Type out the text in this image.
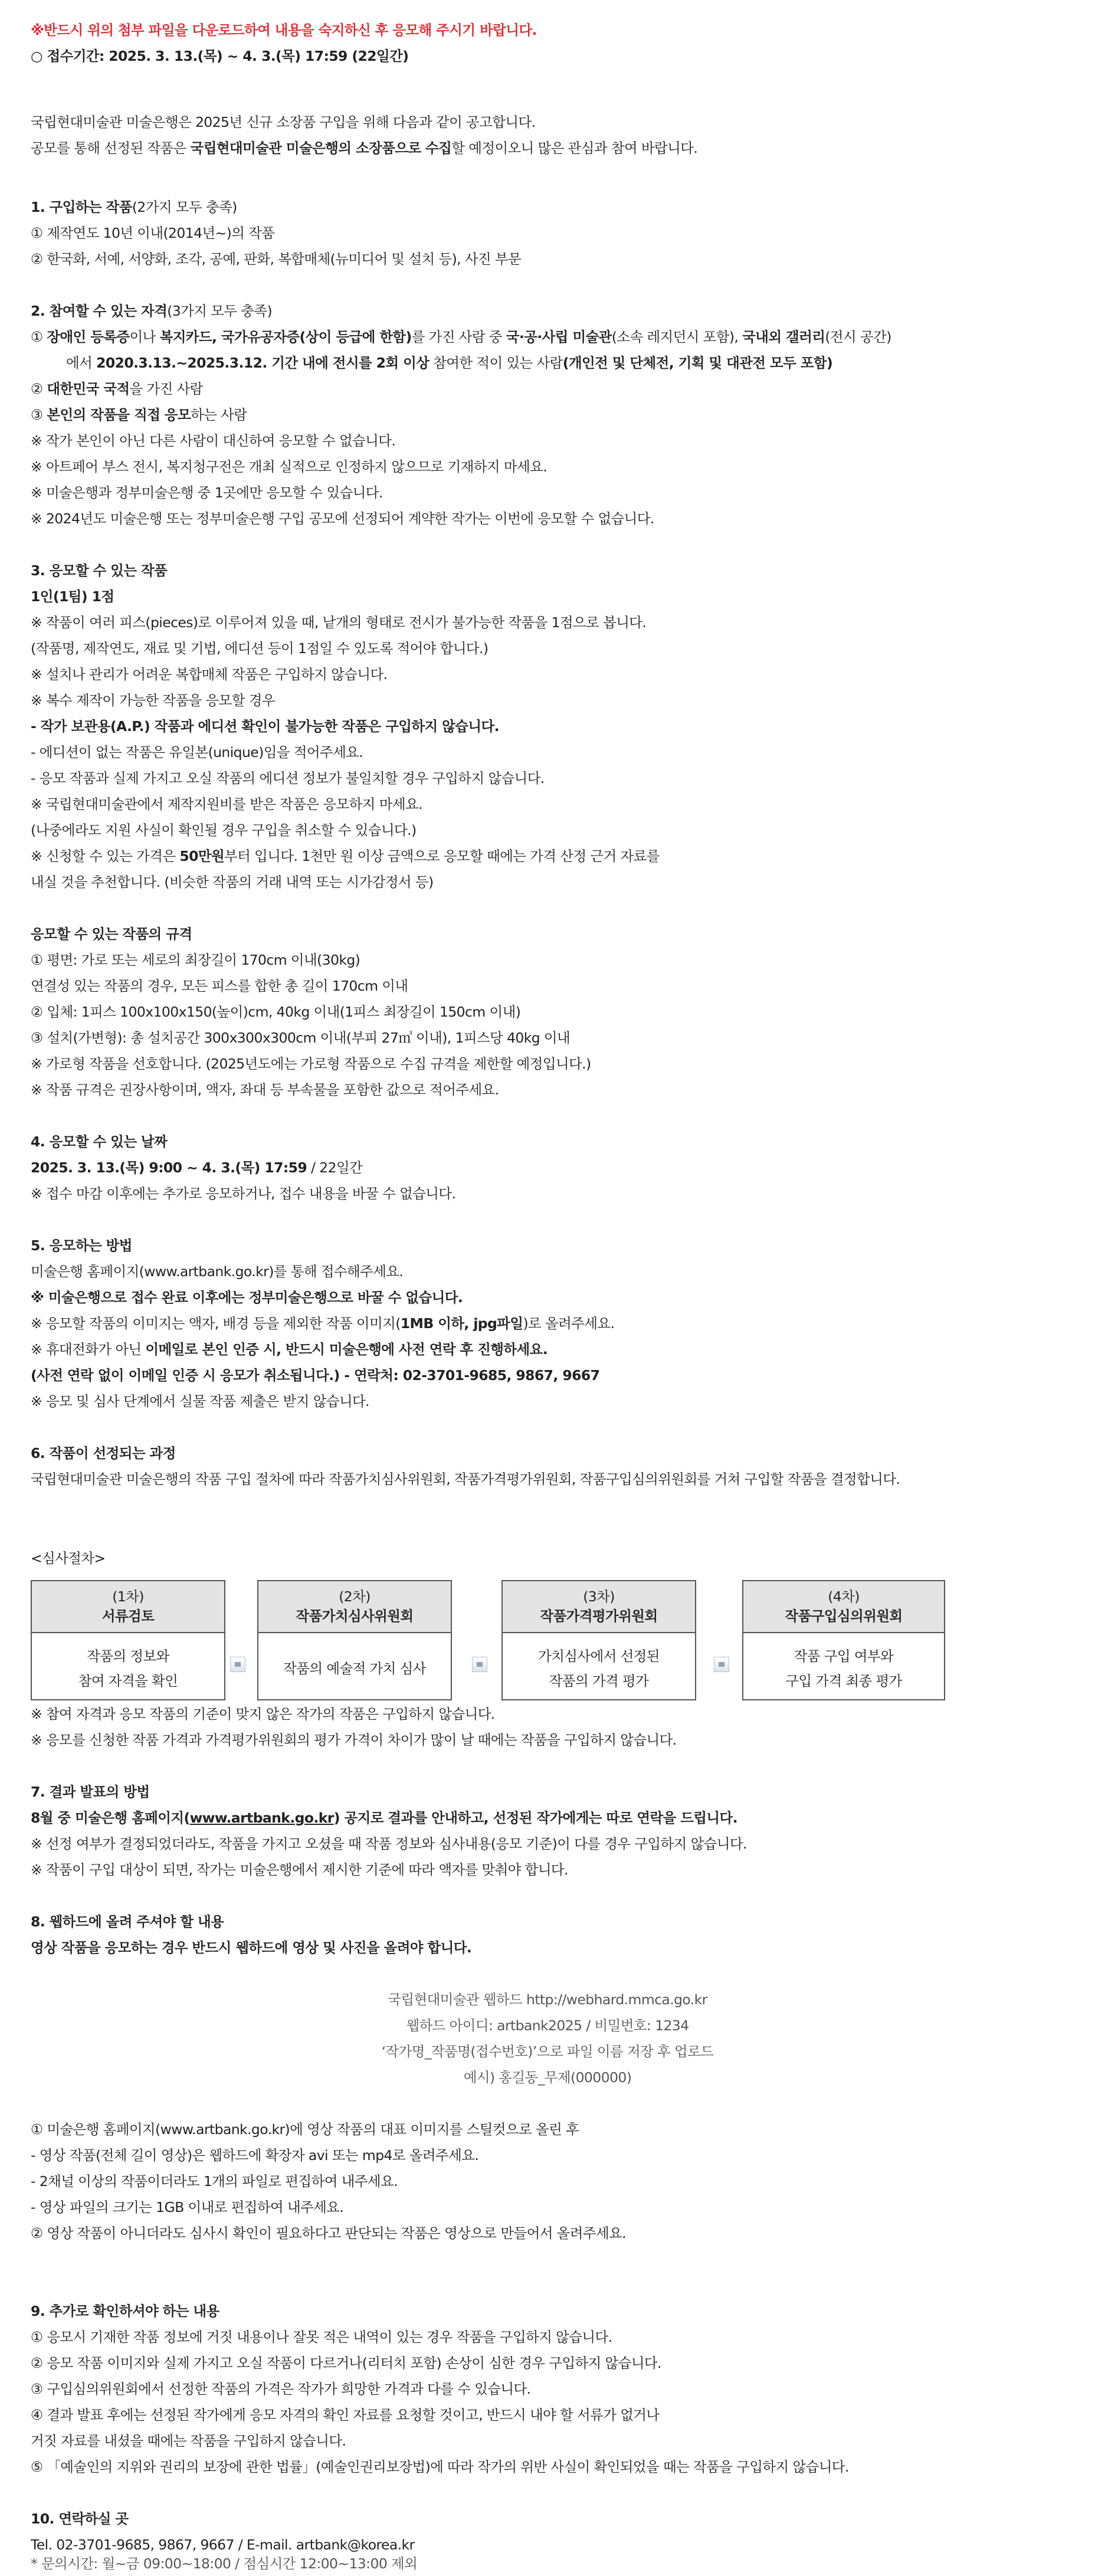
※반드시 위의 첨부 파일을 다운로드하여 내용을 숙지하신 후 응모해 주시기 바랍니다.
○ 접수기간: 2025. 3. 13.(목) ~ 4. 3.(목) 17:59 (22일간)
국립현대미술관 미술은행은 2025년 신규 소장품 구입을 위해 다음과 같이 공고합니다.
공모를 통해 선정된 작품은 국립현대미술관 미술은행의 소장품으로 수집할 예정이오니 많은 관심과 참여 바랍니다.
1. 구입하는 작품(2가지 모두 충족)
① 제작연도 10년 이내(2014년~)의 작품
② 한국화, 서예, 서양화, 조각, 공예, 판화, 복합매체(뉴미디어 및 설치 등), 사진 부문
2. 참여할 수 있는 자격(3가지 모두 충족)
① 장애인 등록증이나 복지카드, 국가유공자증(상이 등급에 한함)를 가진 사람 중 국·공·사립 미술관(소속 레지던시 포함), 국내외 갤러리(전시 공간)
에서 2020.3.13.~2025.3.12. 기간 내에 전시를 2회 이상 참여한 적이 있는 사람(개인전 및 단체전, 기획 및 대관전 모두 포함)
② 대한민국 국적을 가진 사람
③ 본인의 작품을 직접 응모하는 사람
※ 작가 본인이 아닌 다른 사람이 대신하여 응모할 수 없습니다.
※ 아트페어 부스 전시, 복지청구전은 개최 실적으로 인정하지 않으므로 기재하지 마세요.
※ 미술은행과 정부미술은행 중 1곳에만 응모할 수 있습니다.
※ 2024년도 미술은행 또는 정부미술은행 구입 공모에 선정되어 계약한 작가는 이번에 응모할 수 없습니다.
3. 응모할 수 있는 작품
1인(1팀) 1점
※ 작품이 여러 피스(pieces)로 이루어져 있을 때, 낱개의 형태로 전시가 불가능한 작품을 1점으로 봅니다.
(작품명, 제작연도, 재료 및 기법, 에디션 등이 1점일 수 있도록 적어야 합니다.)
※ 설치나 관리가 어려운 복합매체 작품은 구입하지 않습니다.
※ 복수 제작이 가능한 작품을 응모할 경우
- 작가 보관용(A.P.) 작품과 에디션 확인이 불가능한 작품은 구입하지 않습니다.
- 에디션이 없는 작품은 유일본(unique)임을 적어주세요.
- 응모 작품과 실제 가지고 오실 작품의 에디션 정보가 불일치할 경우 구입하지 않습니다.
※ 국립현대미술관에서 제작지원비를 받은 작품은 응모하지 마세요.
(나중에라도 지원 사실이 확인될 경우 구입을 취소할 수 있습니다.)
※ 신청할 수 있는 가격은 50만원부터 입니다. 1천만 원 이상 금액으로 응모할 때에는 가격 산정 근거 자료를
내실 것을 추천합니다. (비슷한 작품의 거래 내역 또는 시가감정서 등)
응모할 수 있는 작품의 규격
① 평면: 가로 또는 세로의 최장길이 170cm 이내(30kg)
연결성 있는 작품의 경우, 모든 피스를 합한 총 길이 170cm 이내
② 입체: 1피스 100x100x150(높이)cm, 40kg 이내(1피스 최장길이 150cm 이내)
③ 설치(가변형): 총 설치공간 300x300x300cm 이내(부피 27㎥ 이내), 1피스당 40kg 이내
※ 가로형 작품을 선호합니다. (2025년도에는 가로형 작품으로 수집 규격을 제한할 예정입니다.)
※ 작품 규격은 권장사항이며, 액자, 좌대 등 부속물을 포함한 값으로 적어주세요.
4. 응모할 수 있는 날짜
2025. 3. 13.(목) 9:00 ~ 4. 3.(목) 17:59 / 22일간
※ 접수 마감 이후에는 추가로 응모하거나, 접수 내용을 바꿀 수 없습니다.
5. 응모하는 방법
미술은행 홈페이지(www.artbank.go.kr)를 통해 접수해주세요.
※ 미술은행으로 접수 완료 이후에는 정부미술은행으로 바꿀 수 없습니다.
※ 응모할 작품의 이미지는 액자, 배경 등을 제외한 작품 이미지(1MB 이하, jpg파일)로 올려주세요.
※ 휴대전화가 아닌 이메일로 본인 인증 시, 반드시 미술은행에 사전 연락 후 진행하세요.
(사전 연락 없이 이메일 인증 시 응모가 취소됩니다.) - 연락처: 02-3701-9685, 9867, 9667
※ 응모 및 심사 단계에서 실물 작품 제출은 받지 않습니다.
6. 작품이 선정되는 과정
국립현대미술관 미술은행의 작품 구입 절차에 따라 작품가치심사위원회, 작품가격평가위원회, 작품구입심의위원회를 거쳐 구입할 작품을 결정합니다.
<심사절차>
(1차)
서류검토
작품의 정보와
참여 자격을 확인
(2차)
작품가치심사위원회
작품의 예술적 가치 심사
(3차)
작품가격평가위원회
가치심사에서 선정된
작품의 가격 평가
(4차)
작품구입심의위원회
작품 구입 여부와
구입 가격 최종 평가
※ 참여 자격과 응모 작품의 기준이 맞지 않은 작가의 작품은 구입하지 않습니다.
※ 응모를 신청한 작품 가격과 가격평가위원회의 평가 가격이 차이가 많이 날 때에는 작품을 구입하지 않습니다.
7. 결과 발표의 방법
8월 중 미술은행 홈페이지(www.artbank.go.kr) 공지로 결과를 안내하고, 선정된 작가에게는 따로 연락을 드립니다.
※ 선정 여부가 결정되었더라도, 작품을 가지고 오셨을 때 작품 정보와 심사내용(응모 기준)이 다를 경우 구입하지 않습니다.
※ 작품이 구입 대상이 되면, 작가는 미술은행에서 제시한 기준에 따라 액자를 맞춰야 합니다.
8. 웹하드에 올려 주셔야 할 내용
영상 작품을 응모하는 경우 반드시 웹하드에 영상 및 사진을 올려야 합니다.
국립현대미술관 웹하드 http://webhard.mmca.go.kr
웹하드 아이디: artbank2025 / 비밀번호: 1234
‘작가명_작품명(접수번호)’으로 파일 이름 저장 후 업로드
예시) 홍길동_무제(000000)
① 미술은행 홈페이지(www.artbank.go.kr)에 영상 작품의 대표 이미지를 스틸컷으로 올린 후
- 영상 작품(전체 길이 영상)은 웹하드에 확장자 avi 또는 mp4로 올려주세요.
- 2채널 이상의 작품이더라도 1개의 파일로 편집하여 내주세요.
- 영상 파일의 크기는 1GB 이내로 편집하여 내주세요.
② 영상 작품이 아니더라도 심사시 확인이 필요하다고 판단되는 작품은 영상으로 만들어서 올려주세요.
9. 추가로 확인하셔야 하는 내용
① 응모시 기재한 작품 정보에 거짓 내용이나 잘못 적은 내역이 있는 경우 작품을 구입하지 않습니다.
② 응모 작품 이미지와 실제 가지고 오실 작품이 다르거나(리터치 포함) 손상이 심한 경우 구입하지 않습니다.
③ 구입심의위원회에서 선정한 작품의 가격은 작가가 희망한 가격과 다를 수 있습니다.
④ 결과 발표 후에는 선정된 작가에게 응모 자격의 확인 자료를 요청할 것이고, 반드시 내야 할 서류가 없거나
거짓 자료를 내셨을 때에는 작품을 구입하지 않습니다.
⑤ 「예술인의 지위와 권리의 보장에 관한 법률」(예술인권리보장법)에 따라 작가의 위반 사실이 확인되었을 때는 작품을 구입하지 않습니다.
10. 연락하실 곳
Tel. 02-3701-9685, 9867, 9667 / E-mail. artbank@korea.kr
* 문의시간: 월~금 09:00~18:00 / 점심시간 12:00~13:00 제외
